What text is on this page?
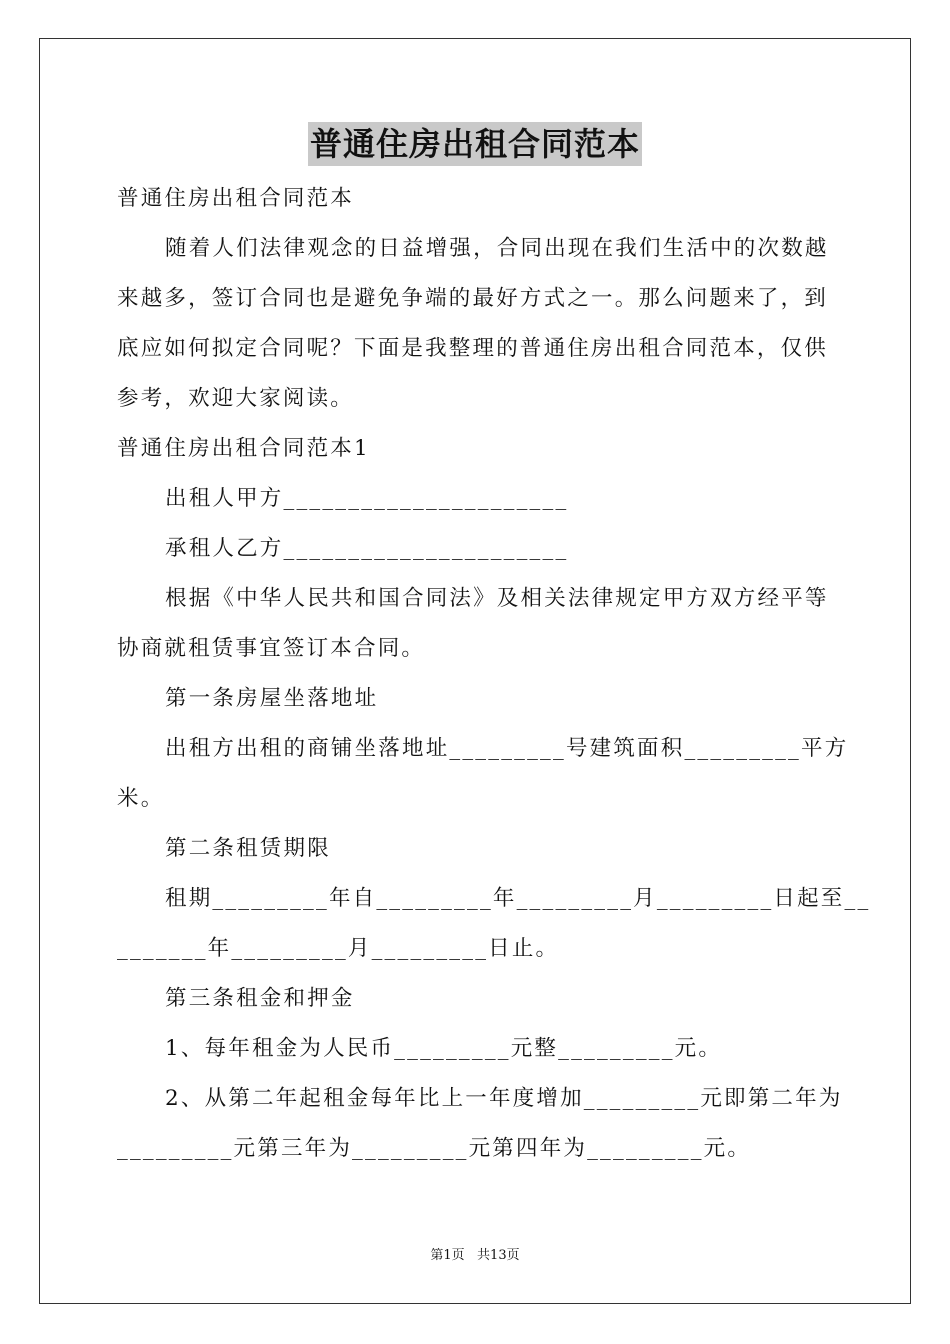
普通住房出租合同范本
普通住房出租合同范本
随着人们法律观念的日益增强，合同出现在我们生活中的次数越
来越多，签订合同也是避免争端的最好方式之一。那么问题来了，到
底应如何拟定合同呢？下面是我整理的普通住房出租合同范本，仅供
参考，欢迎大家阅读。
普通住房出租合同范本1
出租人甲方______________________
承租人乙方______________________
根据《中华人民共和国合同法》及相关法律规定甲方双方经平等
协商就租赁事宜签订本合同。
第一条房屋坐落地址
出租方出租的商铺坐落地址_________号建筑面积_________平方
米。
第二条租赁期限
租期_________年自_________年_________月_________日起至__
_______年_________月_________日止。
第三条租金和押金
1、每年租金为人民币_________元整_________元。
2、从第二年起租金每年比上一年度增加_________元即第二年为
_________元第三年为_________元第四年为_________元。
第1页   共13页
